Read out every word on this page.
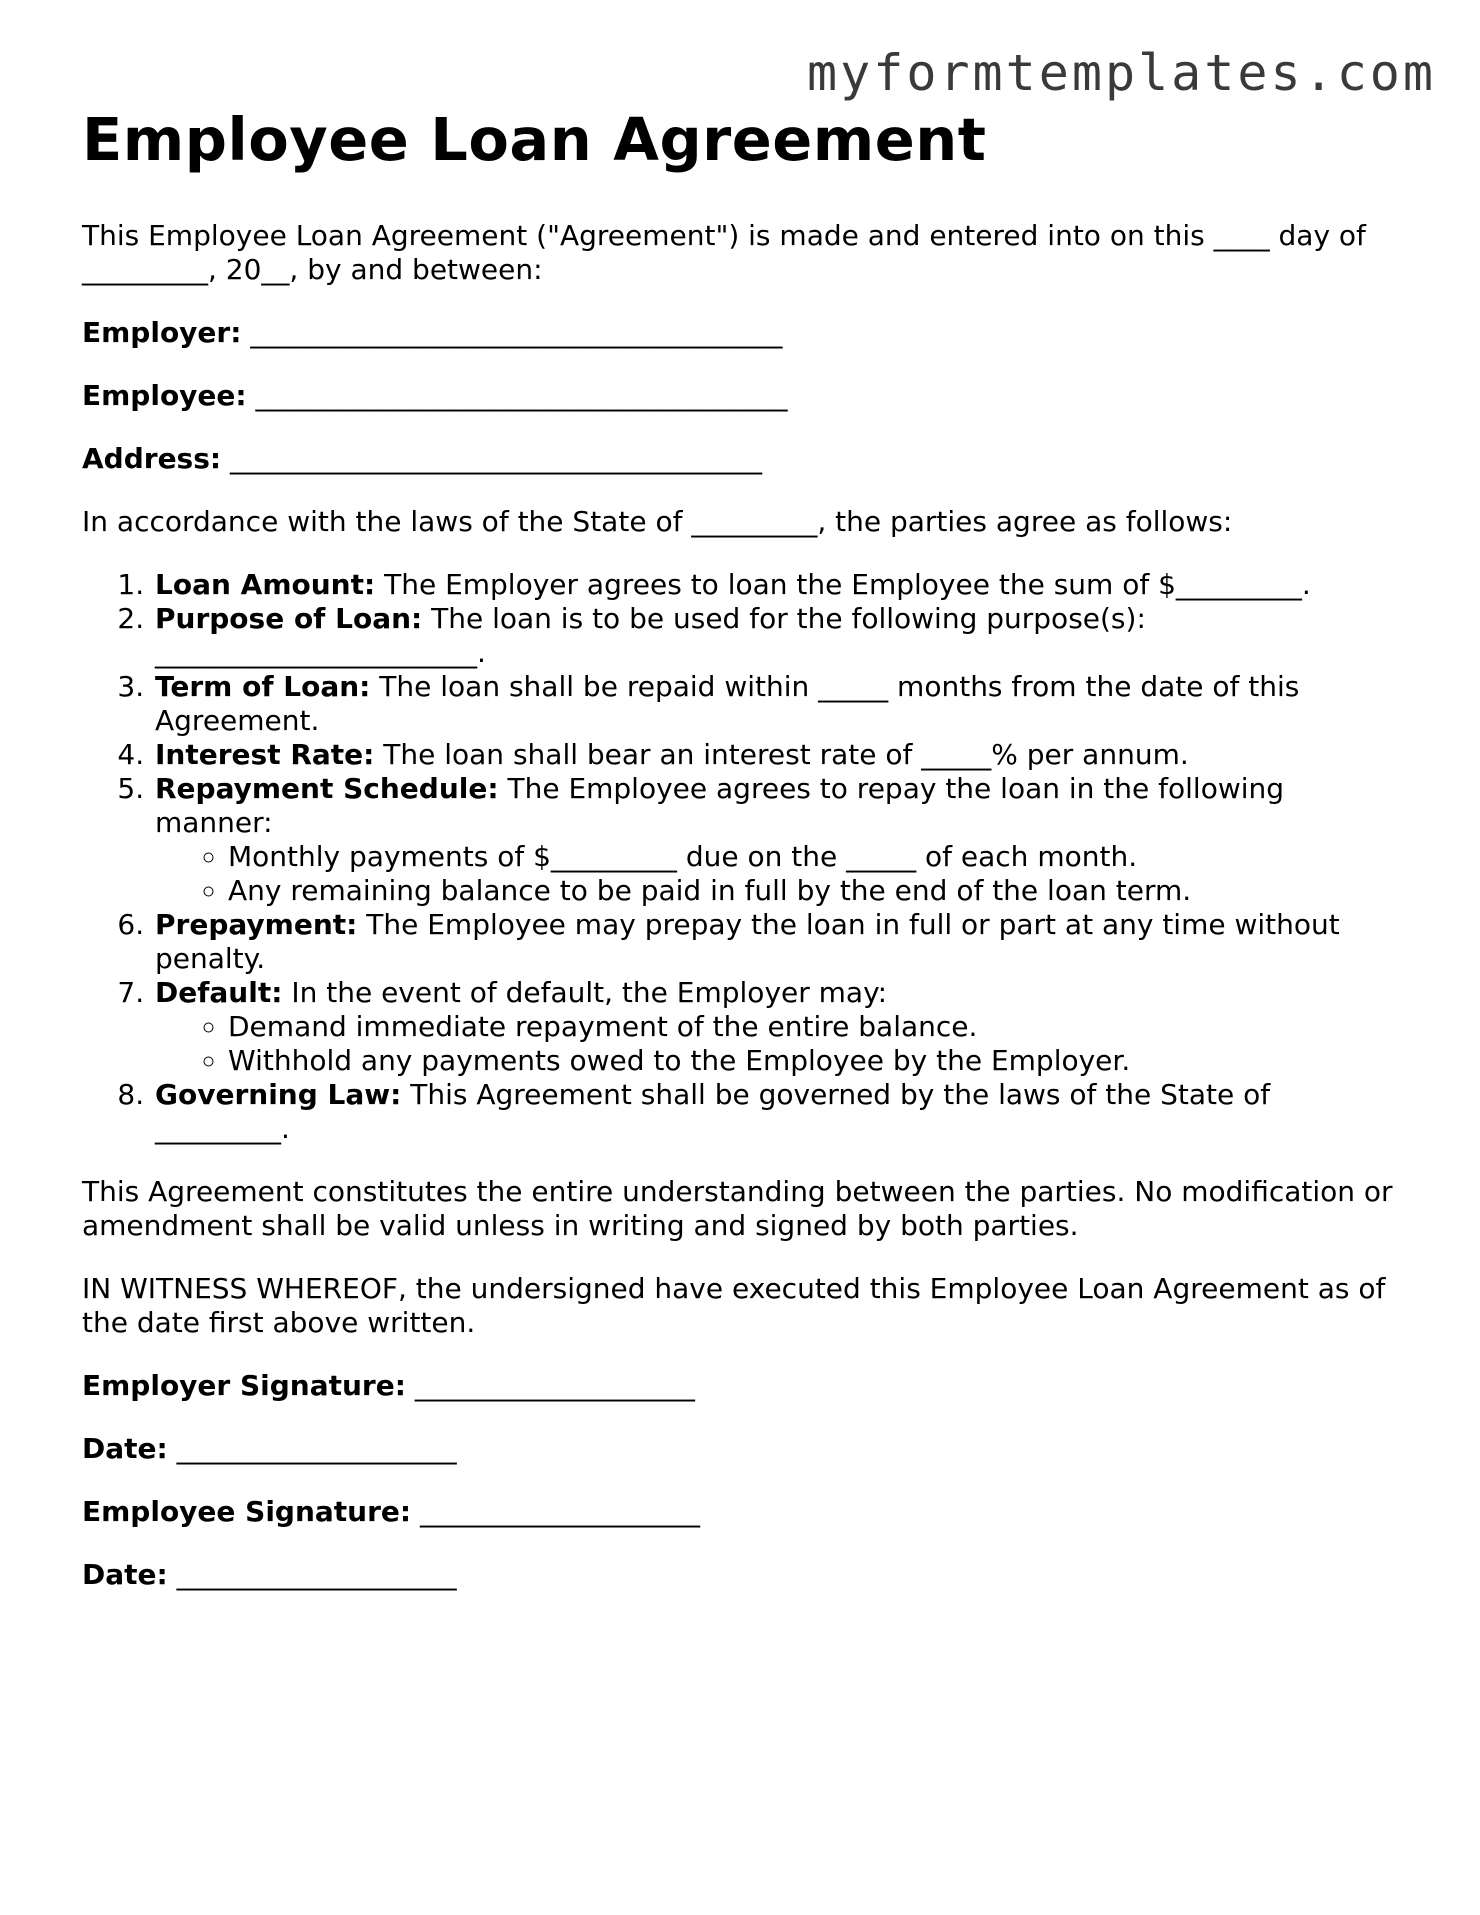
myformtemplates.com
Employee Loan Agreement

This Employee Loan Agreement ("Agreement") is made and entered into on this ____ day of _________, 20__, by and between:

Employer: ______________________________________
Employee: ______________________________________
Address: ______________________________________

In accordance with the laws of the State of _________, the parties agree as follows:

1. Loan Amount: The Employer agrees to loan the Employee the sum of $_________.
2. Purpose of Loan: The loan is to be used for the following purpose(s): _______________________.
3. Term of Loan: The loan shall be repaid within _____ months from the date of this Agreement.
4. Interest Rate: The loan shall bear an interest rate of _____% per annum.
5. Repayment Schedule: The Employee agrees to repay the loan in the following manner:
◦ Monthly payments of $_________ due on the _____ of each month.
◦ Any remaining balance to be paid in full by the end of the loan term.
6. Prepayment: The Employee may prepay the loan in full or part at any time without penalty.
7. Default: In the event of default, the Employer may:
◦ Demand immediate repayment of the entire balance.
◦ Withhold any payments owed to the Employee by the Employer.
8. Governing Law: This Agreement shall be governed by the laws of the State of _________.

This Agreement constitutes the entire understanding between the parties. No modification or amendment shall be valid unless in writing and signed by both parties.

IN WITNESS WHEREOF, the undersigned have executed this Employee Loan Agreement as of the date first above written.

Employer Signature: ____________________
Date: ____________________
Employee Signature: ____________________
Date: ____________________
